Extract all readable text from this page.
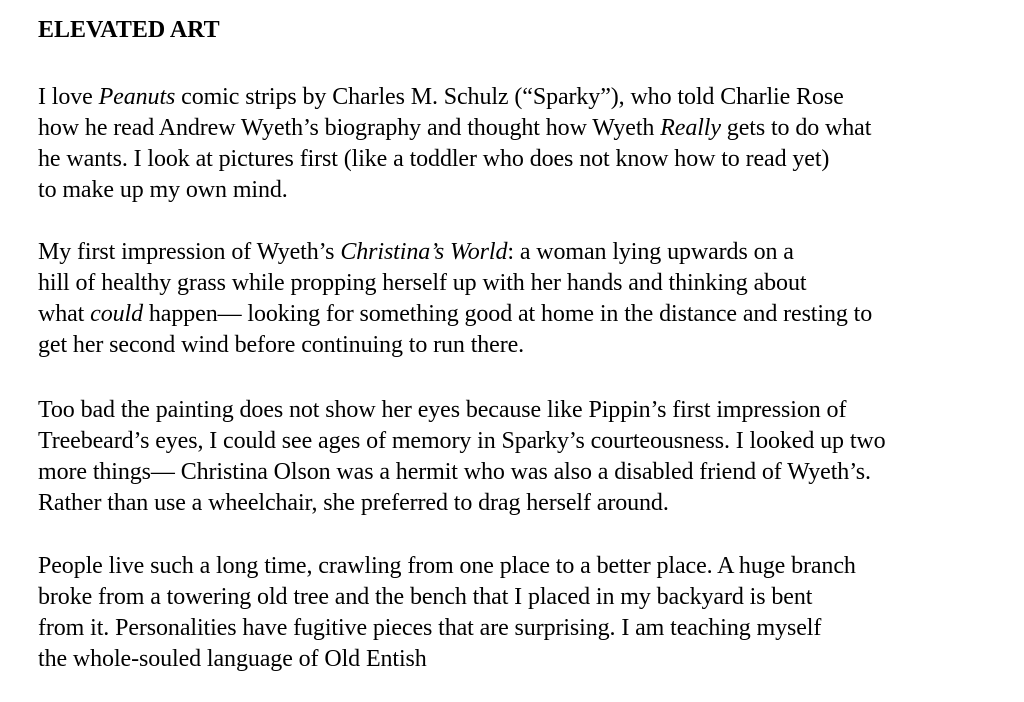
ELEVATED ART

I love Peanuts comic strips by Charles M. Schulz (“Sparky”), who told Charlie Rose
how he read Andrew Wyeth’s biography and thought how Wyeth Really gets to do what
he wants. I look at pictures first (like a toddler who does not know how to read yet)
to make up my own mind.

My first impression of Wyeth’s Christina’s World: a woman lying upwards on a
hill of healthy grass while propping herself up with her hands and thinking about
what could happen— looking for something good at home in the distance and resting to
get her second wind before continuing to run there.

Too bad the painting does not show her eyes because like Pippin’s first impression of
Treebeard’s eyes, I could see ages of memory in Sparky’s courteousness. I looked up two
more things— Christina Olson was a hermit who was also a disabled friend of Wyeth’s.
Rather than use a wheelchair, she preferred to drag herself around.

People live such a long time, crawling from one place to a better place. A huge branch
broke from a towering old tree and the bench that I placed in my backyard is bent
from it. Personalities have fugitive pieces that are surprising. I am teaching myself
the whole-souled language of Old Entish
